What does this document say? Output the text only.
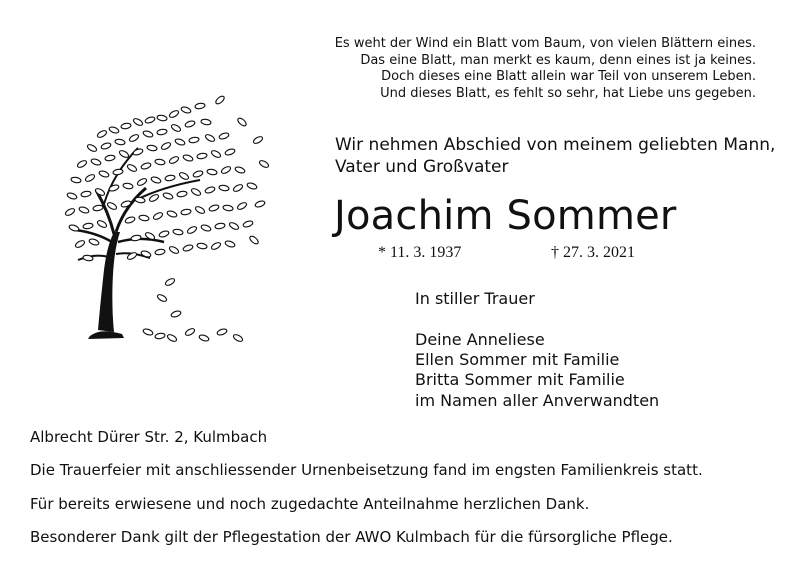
Es weht der Wind ein Blatt vom Baum, von vielen Blättern eines.
Das eine Blatt, man merkt es kaum, denn eines ist ja keines.
Doch dieses eine Blatt allein war Teil von unserem Leben.
Und dieses Blatt, es fehlt so sehr, hat Liebe uns gegeben.
Wir nehmen Abschied von meinem geliebten Mann,
Vater und Großvater
Joachim Sommer
* 11. 3. 1937	† 27. 3. 2021
In stiller Trauer
Deine Anneliese
Ellen Sommer mit Familie
Britta Sommer mit Familie
im Namen aller Anverwandten
Albrecht Dürer Str. 2, Kulmbach
Die Trauerfeier mit anschliessender Urnenbeisetzung fand im engsten Familienkreis statt.
Für bereits erwiesene und noch zugedachte Anteilnahme herzlichen Dank.
Besonderer Dank gilt der Pflegestation der AWO Kulmbach für die fürsorgliche Pflege.
